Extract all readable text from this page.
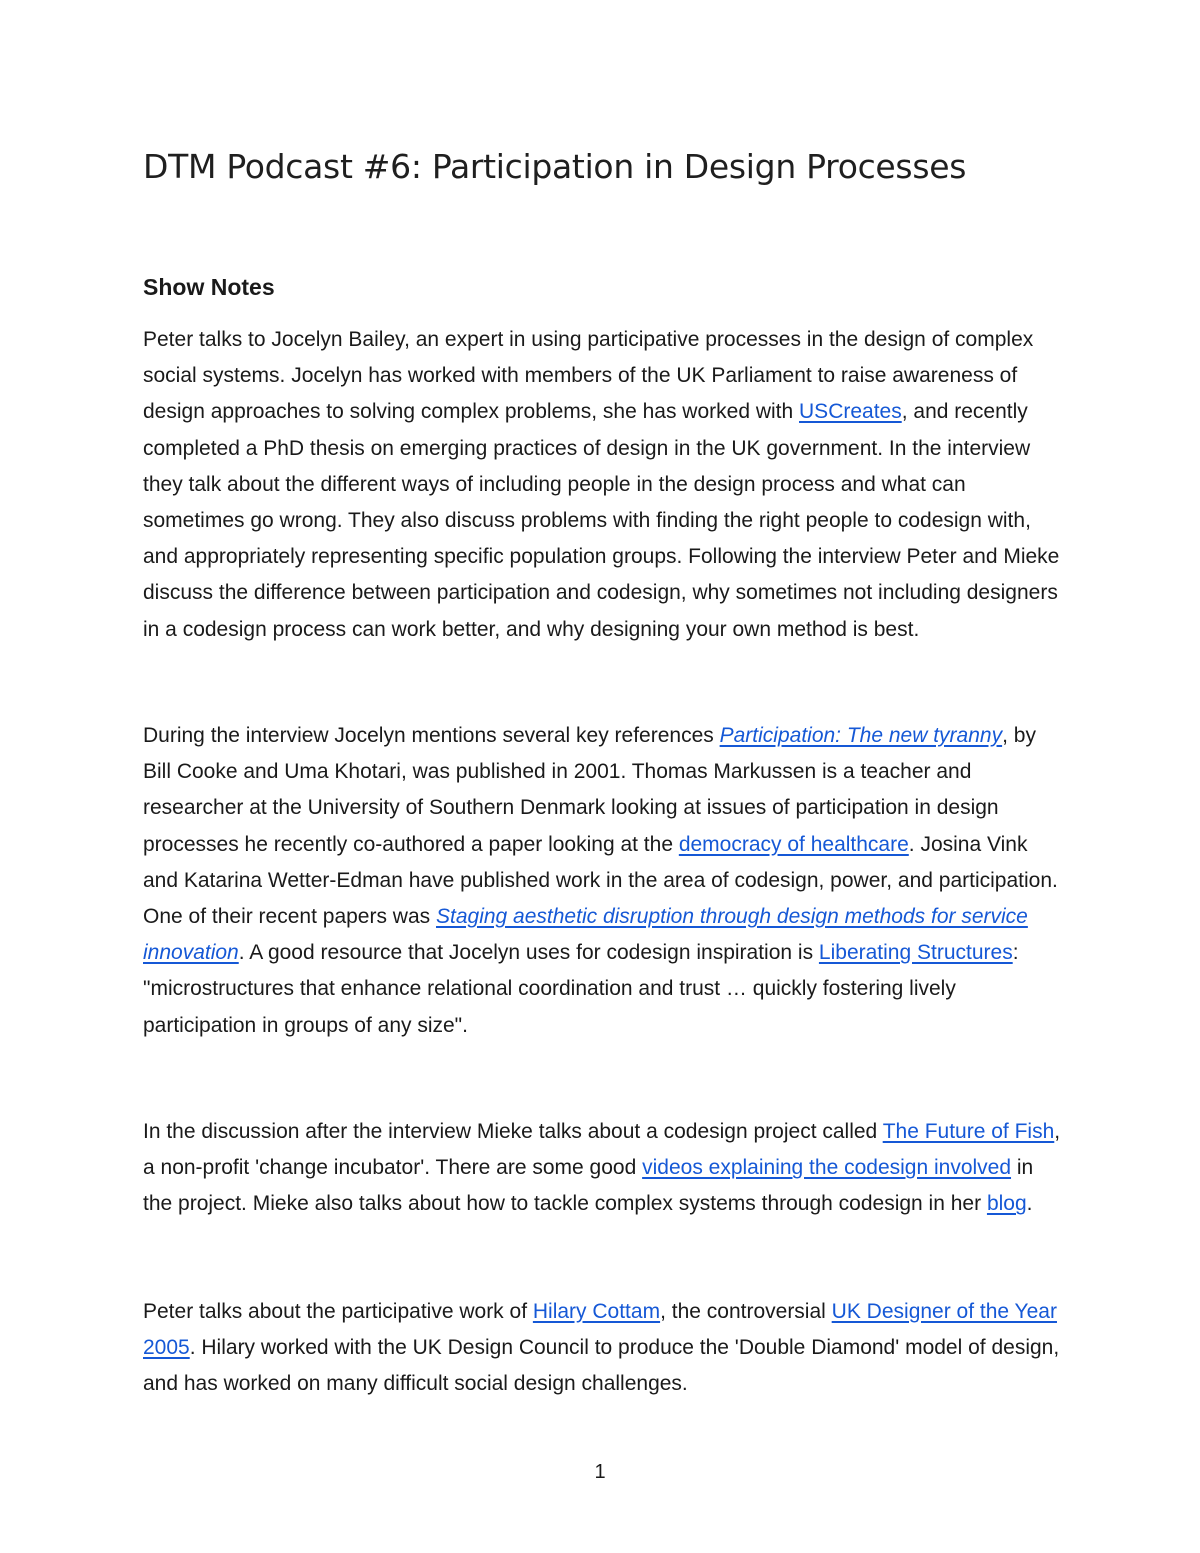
DTM Podcast #6: Participation in Design Processes
Show Notes

Peter talks to Jocelyn Bailey, an expert in using participative processes in the design of complex social systems. Jocelyn has worked with members of the UK Parliament to raise awareness of design approaches to solving complex problems, she has worked with USCreates, and recently completed a PhD thesis on emerging practices of design in the UK government. In the interview they talk about the different ways of including people in the design process and what can sometimes go wrong. They also discuss problems with finding the right people to codesign with, and appropriately representing specific population groups. Following the interview Peter and Mieke discuss the difference between participation and codesign, why sometimes not including designers in a codesign process can work better, and why designing your own method is best.

During the interview Jocelyn mentions several key references Participation: The new tyranny, by Bill Cooke and Uma Khotari, was published in 2001. Thomas Markussen is a teacher and researcher at the University of Southern Denmark looking at issues of participation in design processes he recently co-authored a paper looking at the democracy of healthcare. Josina Vink and Katarina Wetter-Edman have published work in the area of codesign, power, and participation. One of their recent papers was Staging aesthetic disruption through design methods for service innovation. A good resource that Jocelyn uses for codesign inspiration is Liberating Structures: "microstructures that enhance relational coordination and trust … quickly fostering lively participation in groups of any size".

In the discussion after the interview Mieke talks about a codesign project called The Future of Fish, a non-profit 'change incubator'. There are some good videos explaining the codesign involved in the project. Mieke also talks about how to tackle complex systems through codesign in her blog.

Peter talks about the participative work of Hilary Cottam, the controversial UK Designer of the Year 2005. Hilary worked with the UK Design Council to produce the 'Double Diamond' model of design, and has worked on many difficult social design challenges.

1
